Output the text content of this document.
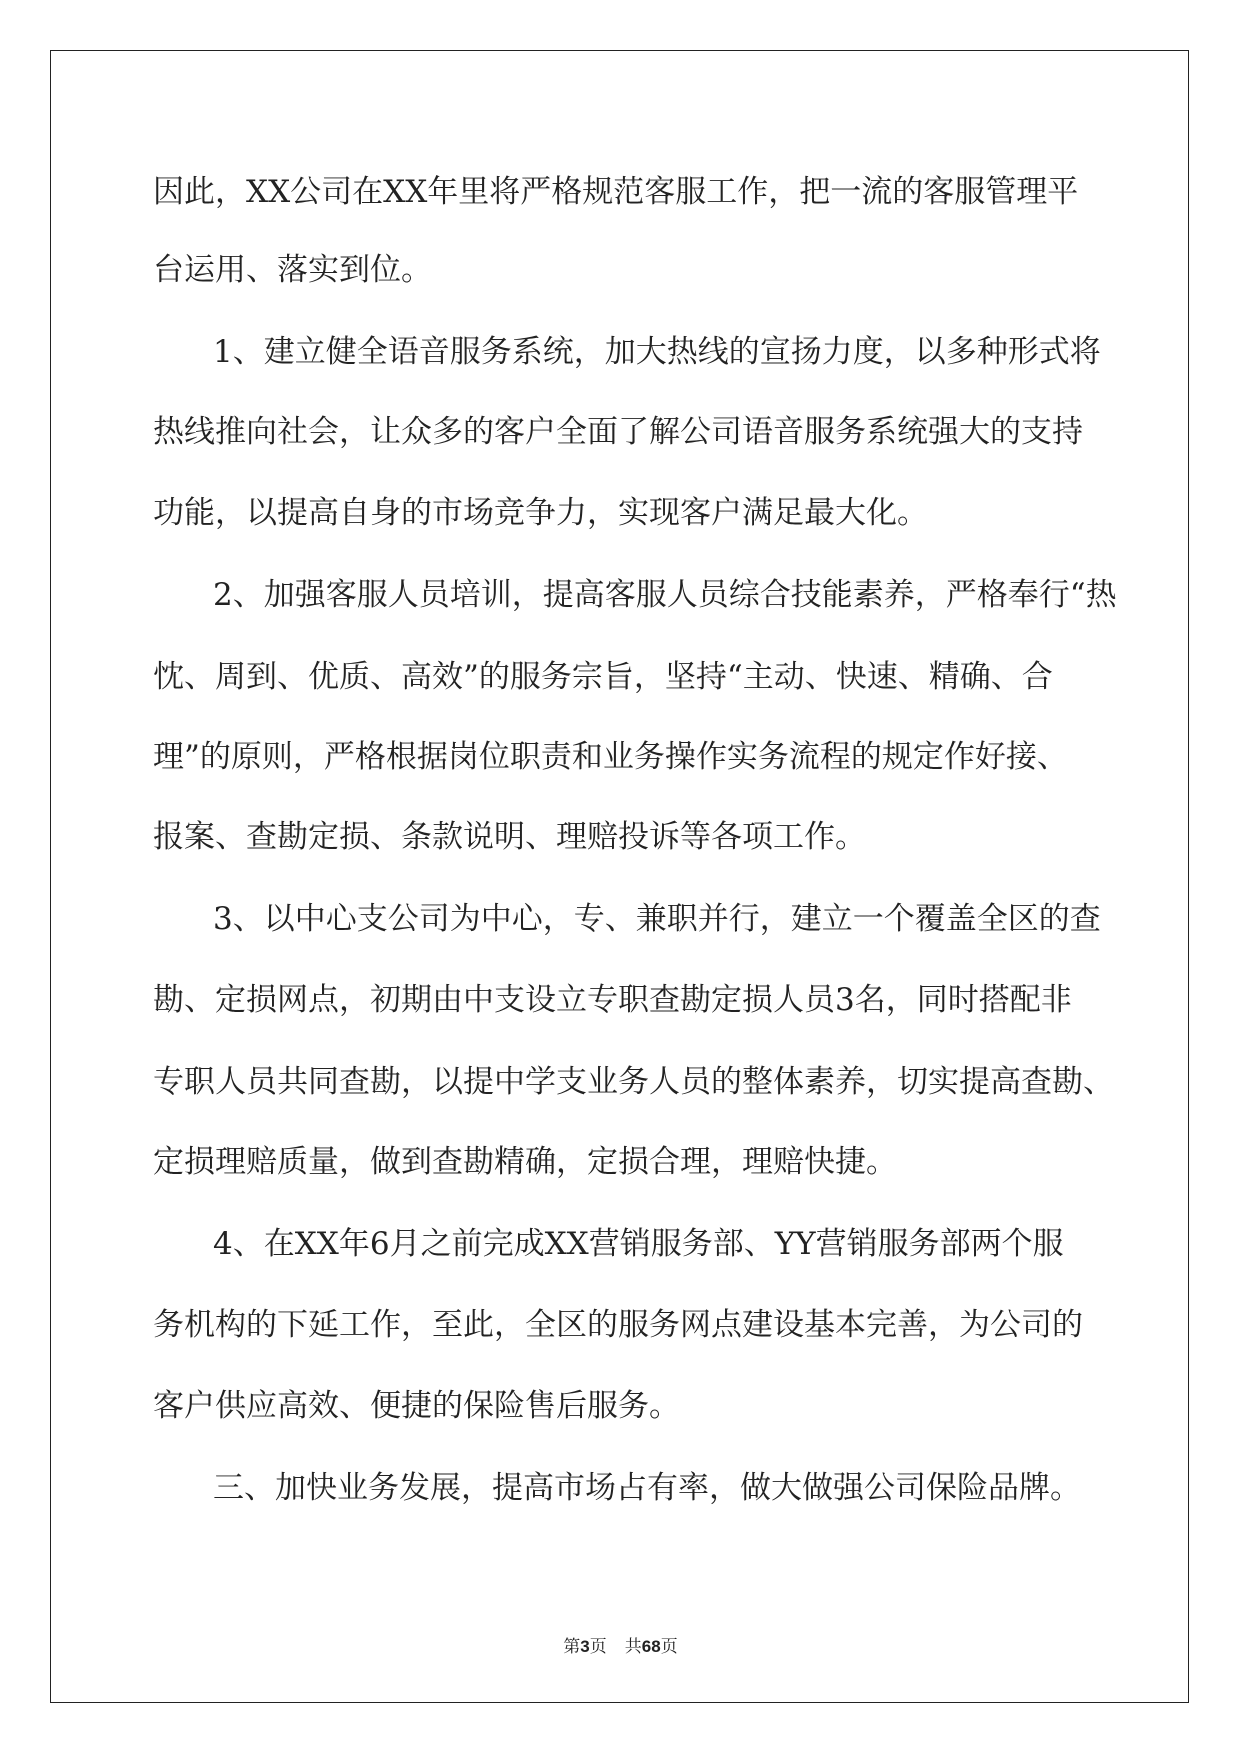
因此，XX公司在XX年里将严格规范客服工作，把一流的客服管理平

台运用、落实到位。

1、建立健全语音服务系统，加大热线的宣扬力度，以多种形式将

热线推向社会，让众多的客户全面了解公司语音服务系统强大的支持

功能，以提高自身的市场竞争力，实现客户满足最大化。

2、加强客服人员培训，提高客服人员综合技能素养，严格奉行“热

忱、周到、优质、高效”的服务宗旨，坚持“主动、快速、精确、合

理”的原则，严格根据岗位职责和业务操作实务流程的规定作好接、

报案、查勘定损、条款说明、理赔投诉等各项工作。

3、以中心支公司为中心，专、兼职并行，建立一个覆盖全区的查

勘、定损网点，初期由中支设立专职查勘定损人员3名，同时搭配非

专职人员共同查勘，以提中学支业务人员的整体素养，切实提高查勘、

定损理赔质量，做到查勘精确，定损合理，理赔快捷。

4、在XX年6月之前完成XX营销服务部、YY营销服务部两个服

务机构的下延工作，至此，全区的服务网点建设基本完善，为公司的

客户供应高效、便捷的保险售后服务。

三、加快业务发展，提高市场占有率，做大做强公司保险品牌。

第3页 共68页
